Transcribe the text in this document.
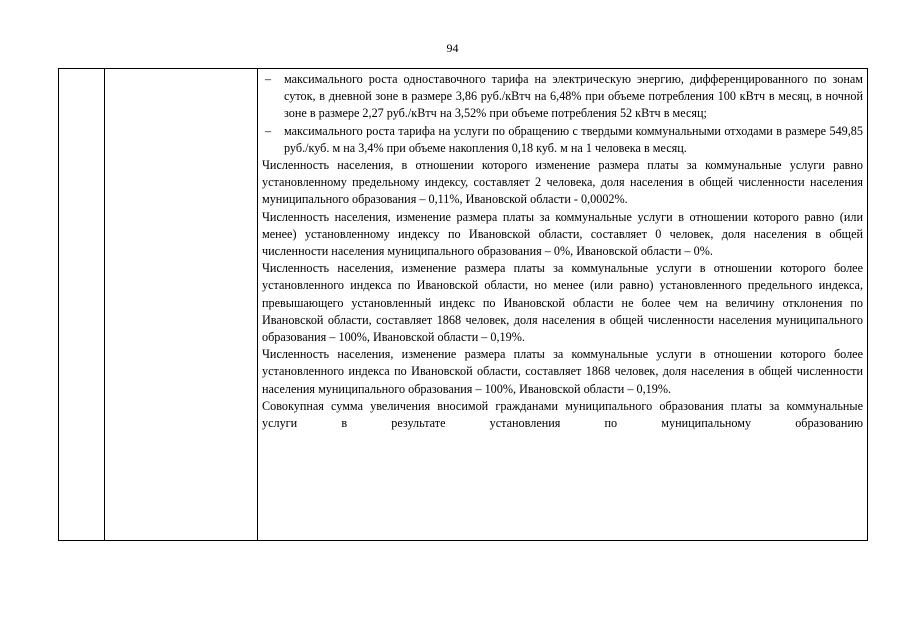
94
– максимального роста одноставочного тарифа на электрическую энергию, дифференцированного по зонам суток, в дневной зоне в размере 3,86 руб./кВтч на 6,48% при объеме потребления 100 кВтч в месяц, в ночной зоне в размере 2,27 руб./кВтч на 3,52% при объеме потребления 52 кВтч в месяц;
– максимального роста тарифа на услуги по обращению с твердыми коммунальными отходами в размере 549,85 руб./куб. м на 3,4% при объеме накопления 0,18 куб. м на 1 человека в месяц.
Численность населения, в отношении которого изменение размера платы за коммунальные услуги равно установленному предельному индексу, составляет 2 человека, доля населения в общей численности населения муниципального образования – 0,11%, Ивановской области - 0,0002%.
Численность населения, изменение размера платы за коммунальные услуги в отношении которого равно (или менее) установленному индексу по Ивановской области, составляет 0 человек, доля населения в общей численности населения муниципального образования – 0%, Ивановской области – 0%.
Численность населения, изменение размера платы за коммунальные услуги в отношении которого более установленного индекса по Ивановской области, но менее (или равно) установленного предельного индекса, превышающего установленный индекс по Ивановской области не более чем на величину отклонения по Ивановской области, составляет 1868 человек, доля населения в общей численности населения муниципального образования – 100%, Ивановской области – 0,19%.
Численность населения, изменение размера платы за коммунальные услуги в отношении которого более установленного индекса по Ивановской области, составляет 1868 человек, доля населения в общей численности населения муниципального образования – 100%, Ивановской области – 0,19%.
Совокупная сумма увеличения вносимой гражданами муниципального образования платы за коммунальные услуги в результате установления по муниципальному образованию
